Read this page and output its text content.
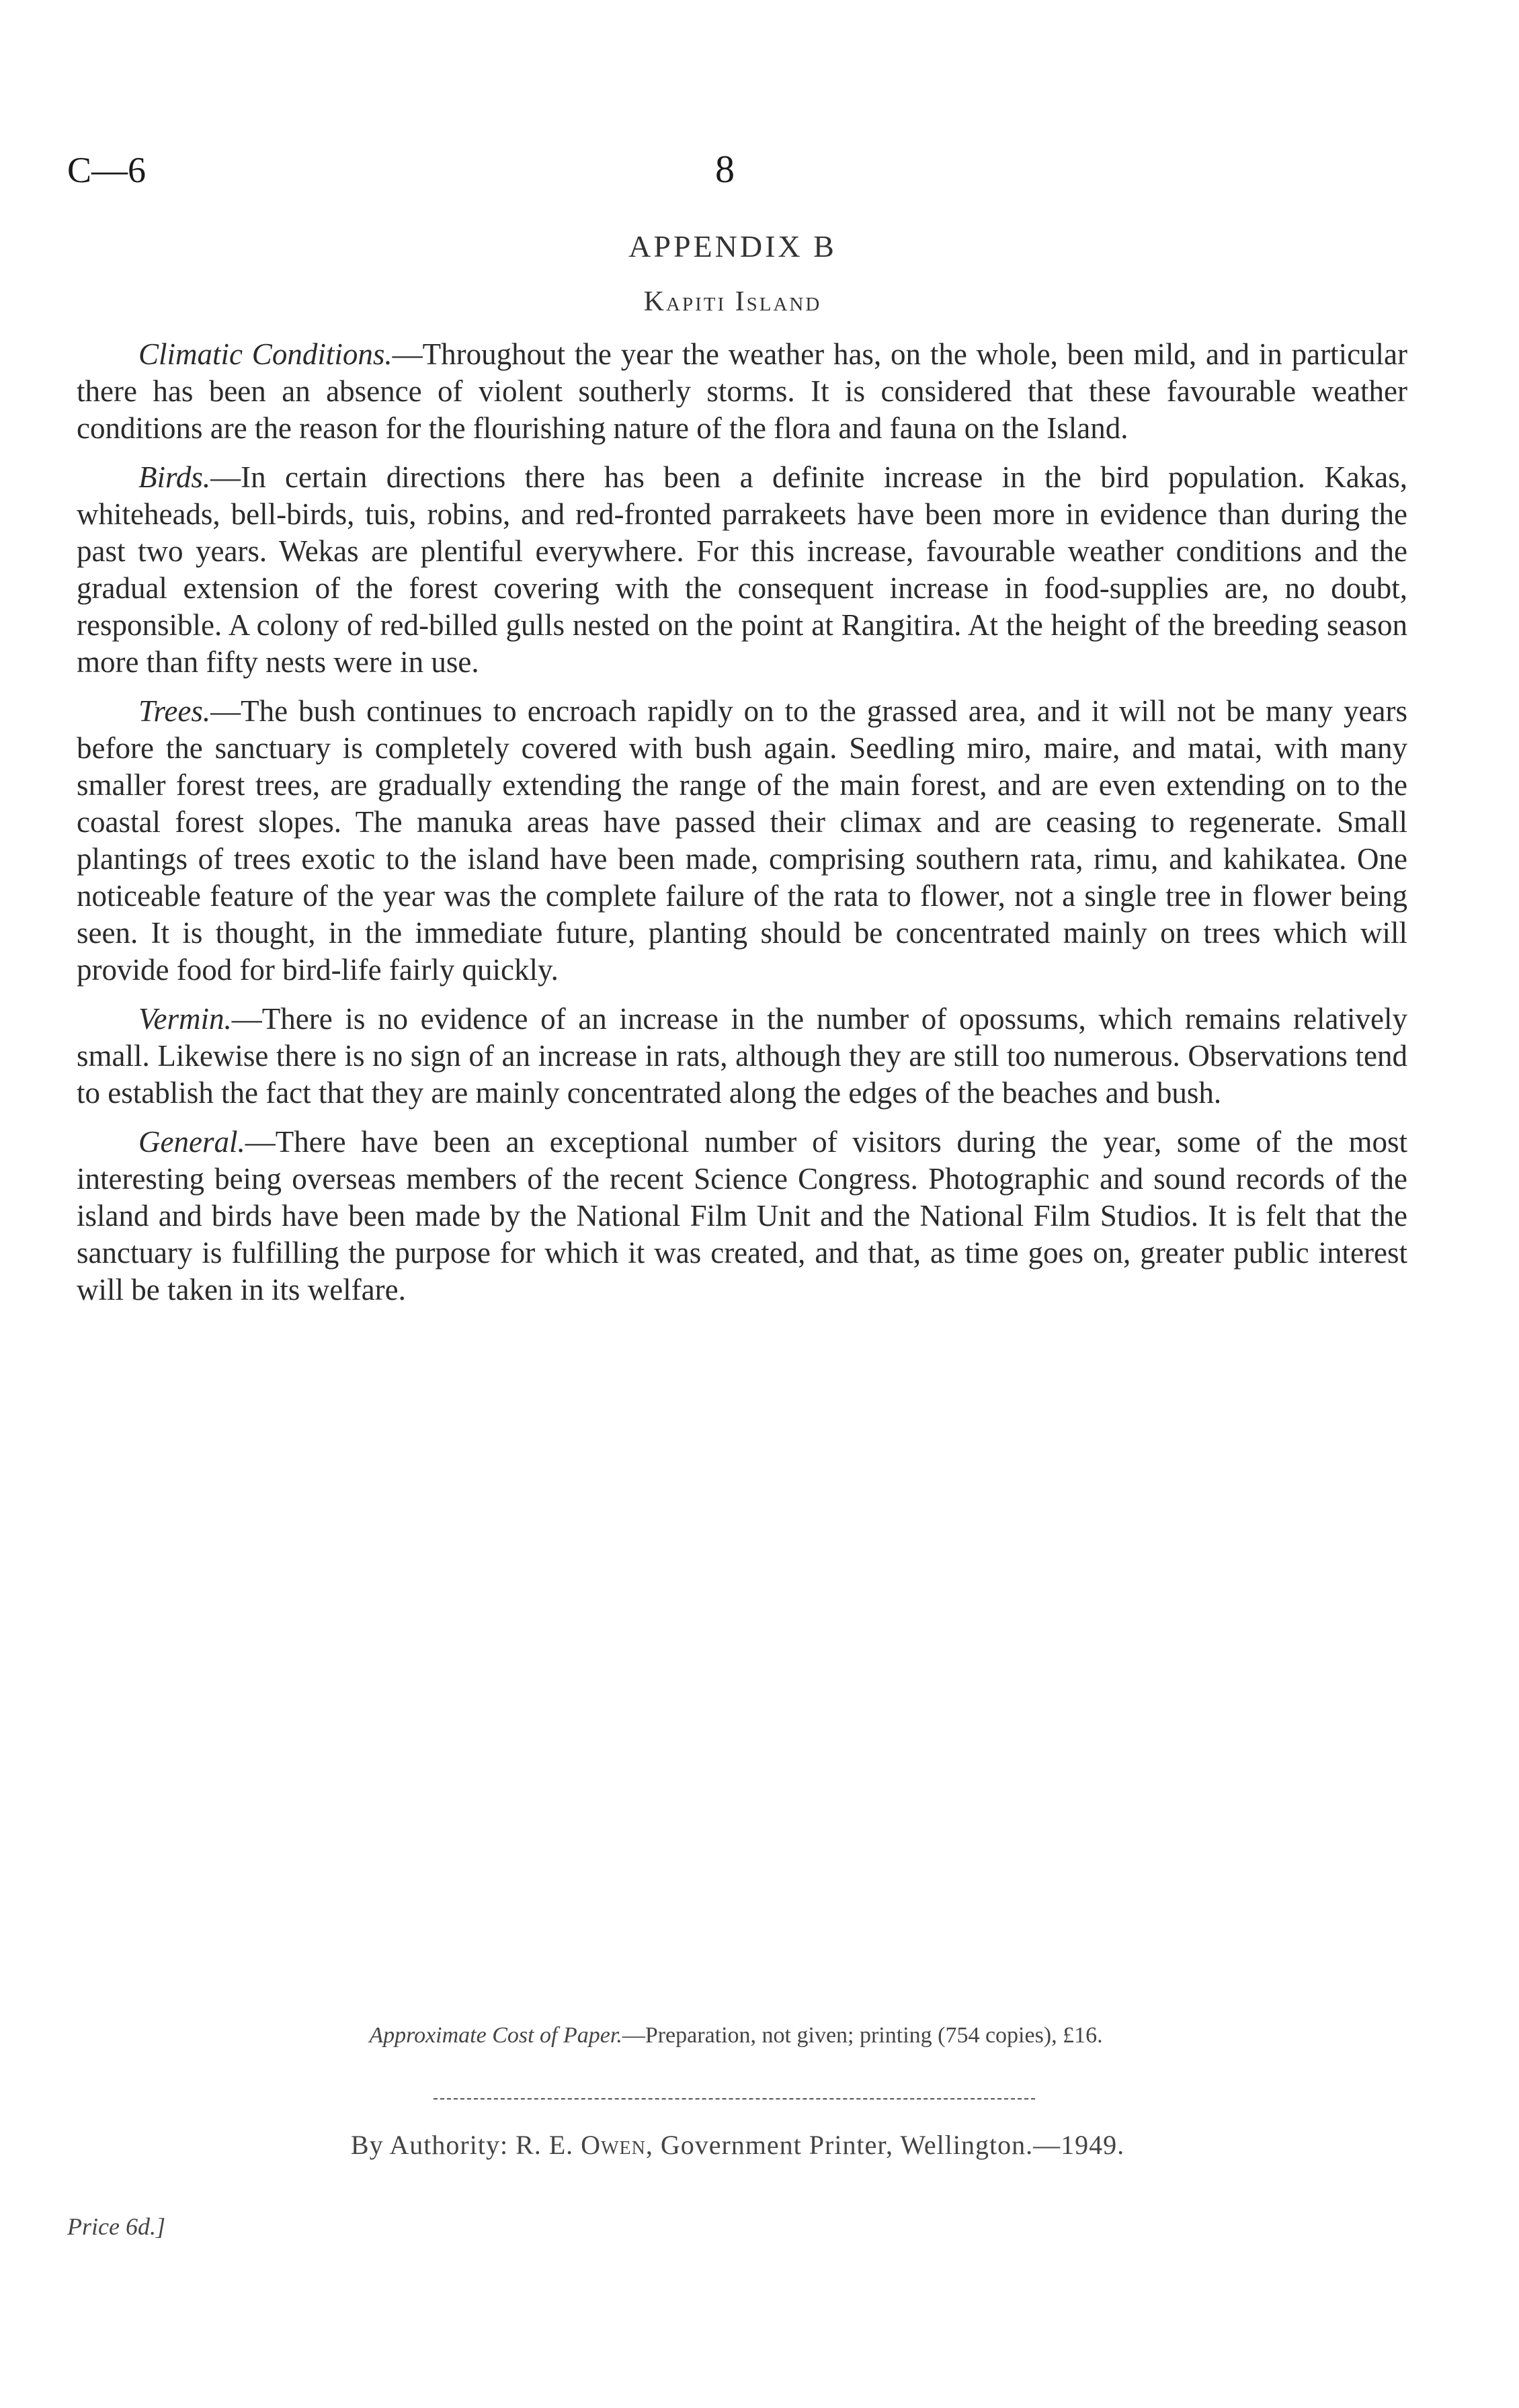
C—6	8
APPENDIX B
Kapiti Island

Climatic Conditions.—Throughout the year the weather has, on the whole, been mild, and in particular there has been an absence of violent southerly storms. It is considered that these favourable weather conditions are the reason for the flourishing nature of the flora and fauna on the Island.

Birds.—In certain directions there has been a definite increase in the bird population. Kakas, whiteheads, bell-birds, tuis, robins, and red-fronted parrakeets have been more in evidence than during the past two years. Wekas are plentiful everywhere. For this increase, favourable weather conditions and the gradual extension of the forest covering with the consequent increase in food-supplies are, no doubt, responsible. A colony of red-billed gulls nested on the point at Rangitira. At the height of the breeding season more than fifty nests were in use.

Trees.—The bush continues to encroach rapidly on to the grassed area, and it will not be many years before the sanctuary is completely covered with bush again. Seedling miro, maire, and matai, with many smaller forest trees, are gradually extending the range of the main forest, and are even extending on to the coastal forest slopes. The manuka areas have passed their climax and are ceasing to regenerate. Small plantings of trees exotic to the island have been made, comprising southern rata, rimu, and kahikatea. One noticeable feature of the year was the complete failure of the rata to flower, not a single tree in flower being seen. It is thought, in the immediate future, planting should be concentrated mainly on trees which will provide food for bird-life fairly quickly.

Vermin.—There is no evidence of an increase in the number of opossums, which remains relatively small. Likewise there is no sign of an increase in rats, although they are still too numerous. Observations tend to establish the fact that they are mainly concentrated along the edges of the beaches and bush.

General.—There have been an exceptional number of visitors during the year, some of the most interesting being overseas members of the recent Science Congress. Photographic and sound records of the island and birds have been made by the National Film Unit and the National Film Studios. It is felt that the sanctuary is fulfilling the purpose for which it was created, and that, as time goes on, greater public interest will be taken in its welfare.

Approximate Cost of Paper.—Preparation, not given; printing (754 copies), £16.
By Authority: R. E. Owen, Government Printer, Wellington.—1949.
Price 6d.]
